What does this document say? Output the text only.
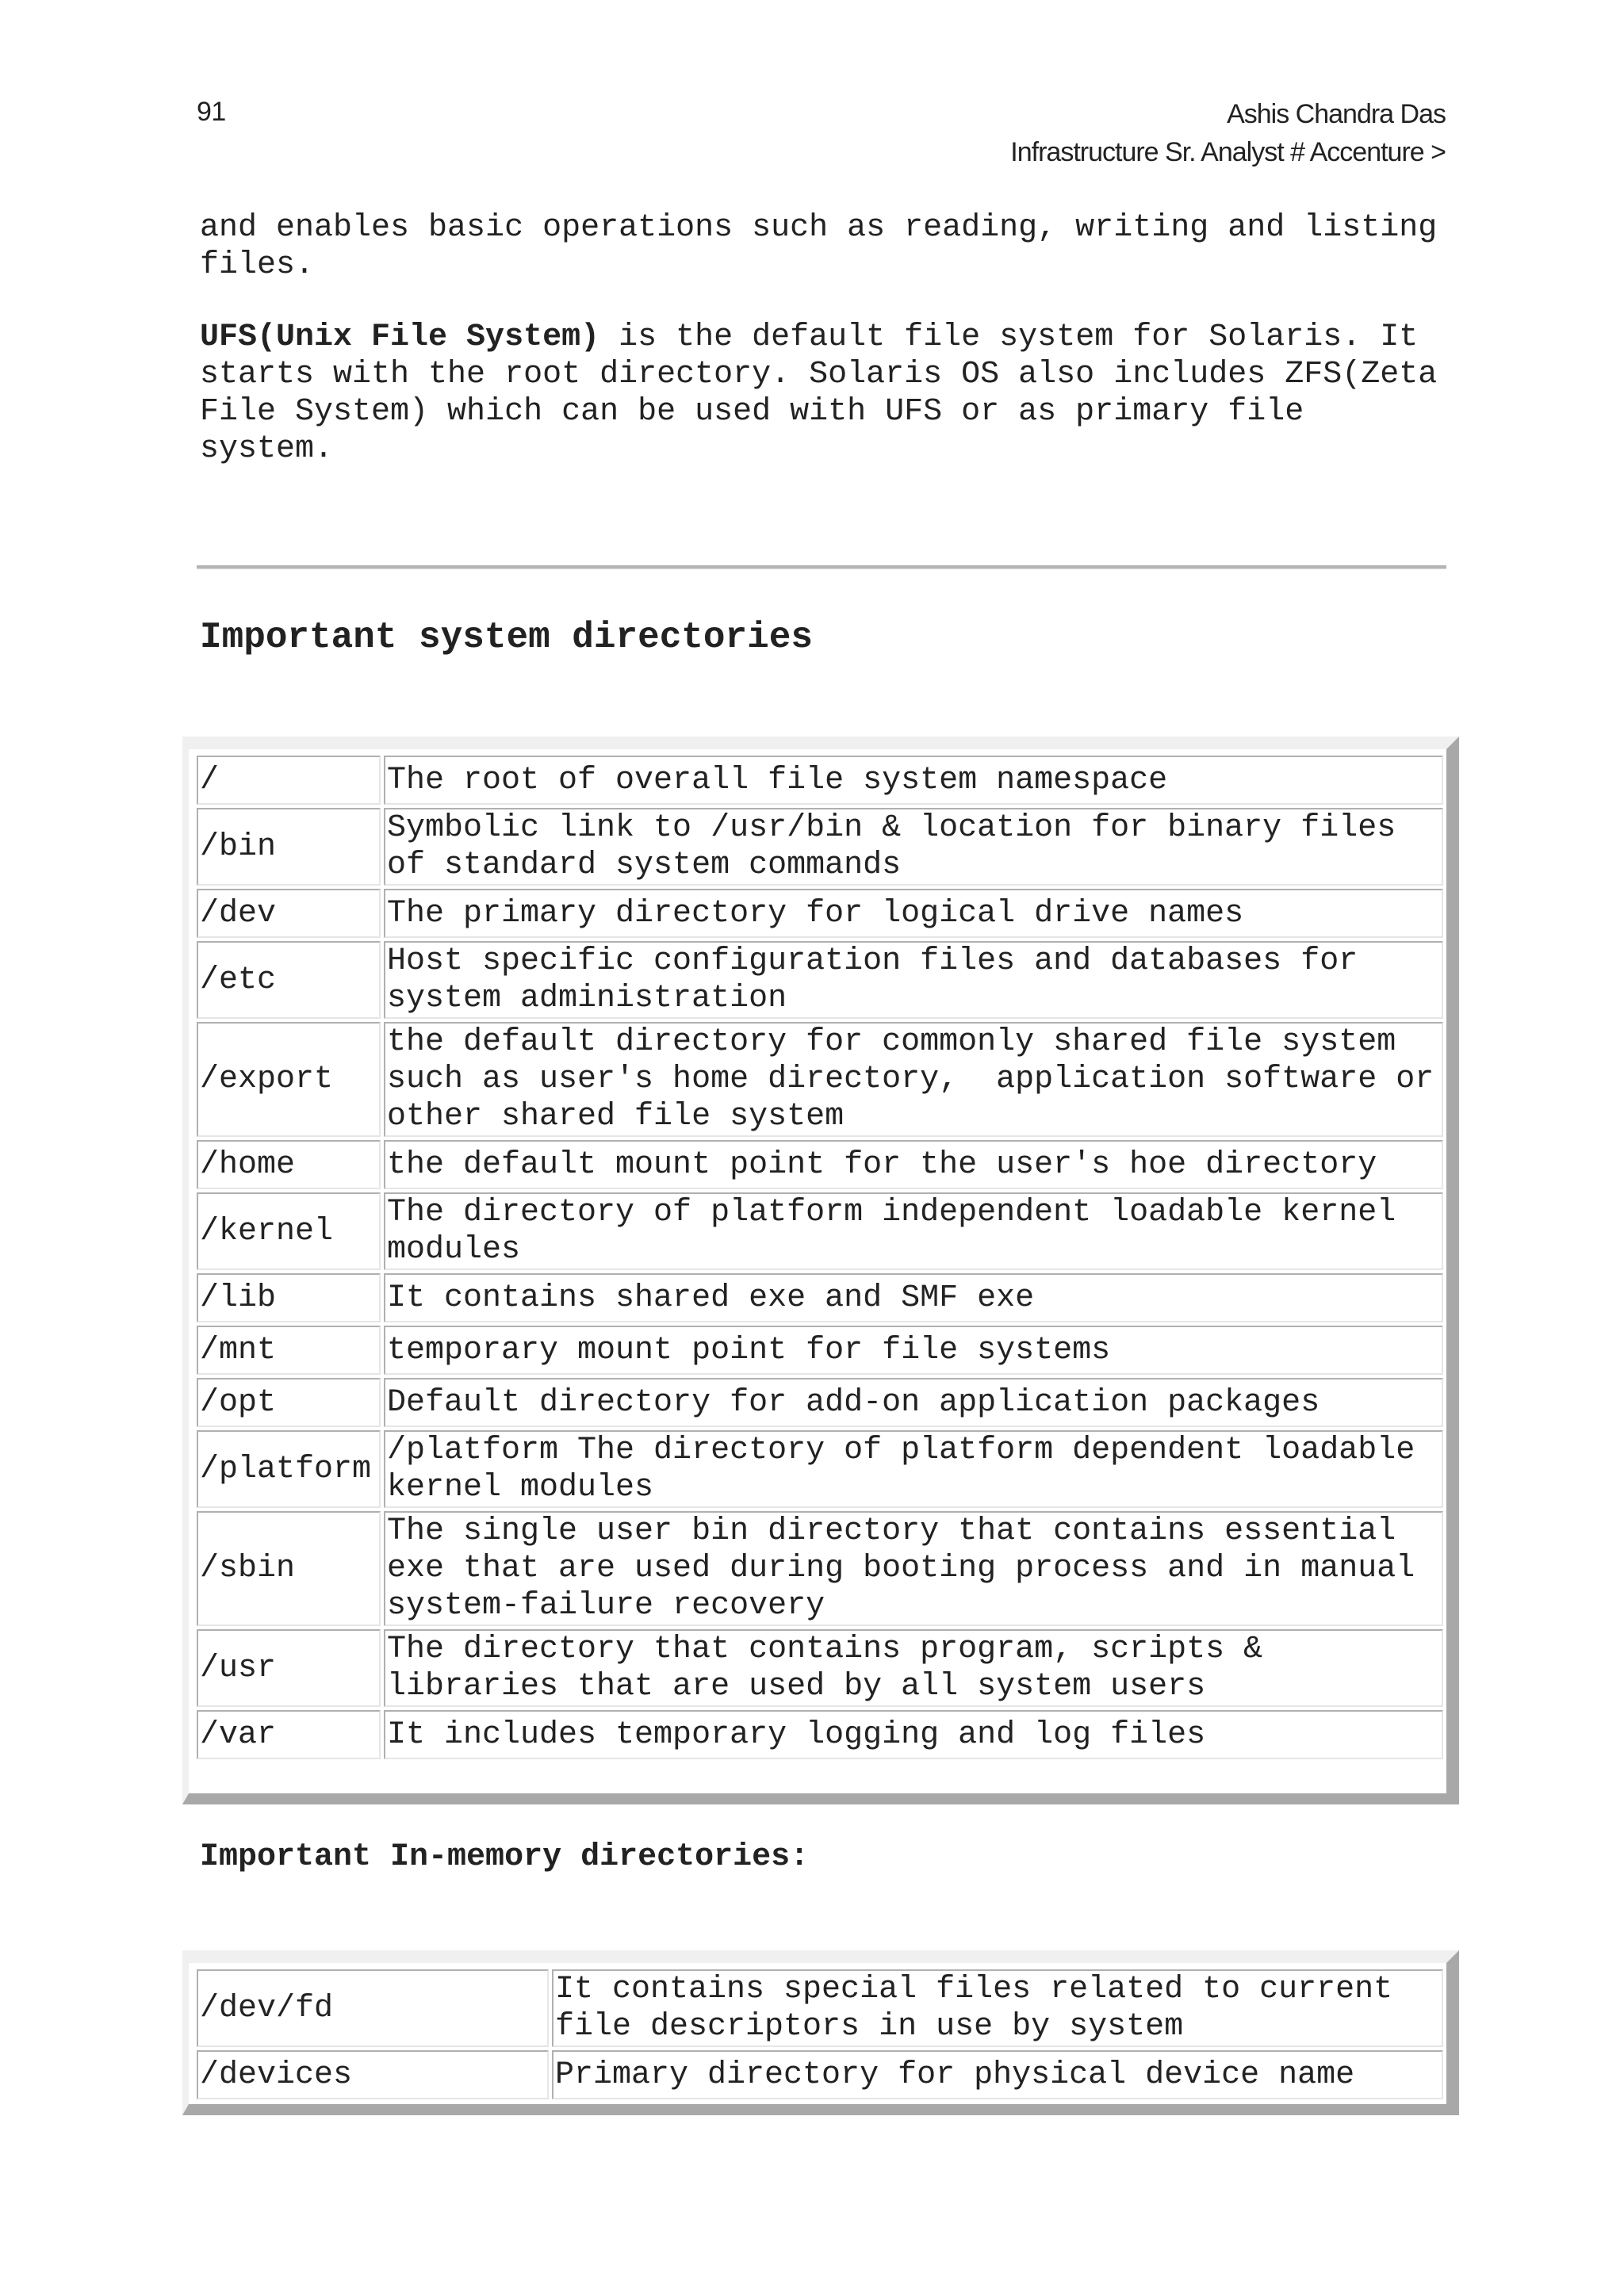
91	Ashis Chandra Das
Infrastructure Sr. Analyst # Accenture >

and enables basic operations such as reading, writing and listing files.

UFS(Unix File System) is the default file system for Solaris. It starts with the root directory. Solaris OS also includes ZFS(Zeta File System) which can be used with UFS or as primary file system.

Important system directories
/	The root of overall file system namespace
/bin	Symbolic link to /usr/bin & location for binary files of standard system commands
/dev	The primary directory for logical drive names
/etc	Host specific configuration files and databases for system administration
/export	the default directory for commonly shared file system such as user's home directory,  application software or other shared file system
/home	the default mount point for the user's hoe directory
/kernel	The directory of platform independent loadable kernel modules
/lib	It contains shared exe and SMF exe
/mnt	temporary mount point for file systems
/opt	Default directory for add-on application packages
/platform	/platform The directory of platform dependent loadable kernel modules
/sbin	The single user bin directory that contains essential exe that are used during booting process and in manual system-failure recovery
/usr	The directory that contains program, scripts & libraries that are used by all system users
/var	It includes temporary logging and log files
Important In-memory directories:
/dev/fd	It contains special files related to current file descriptors in use by system
/devices	Primary directory for physical device name
